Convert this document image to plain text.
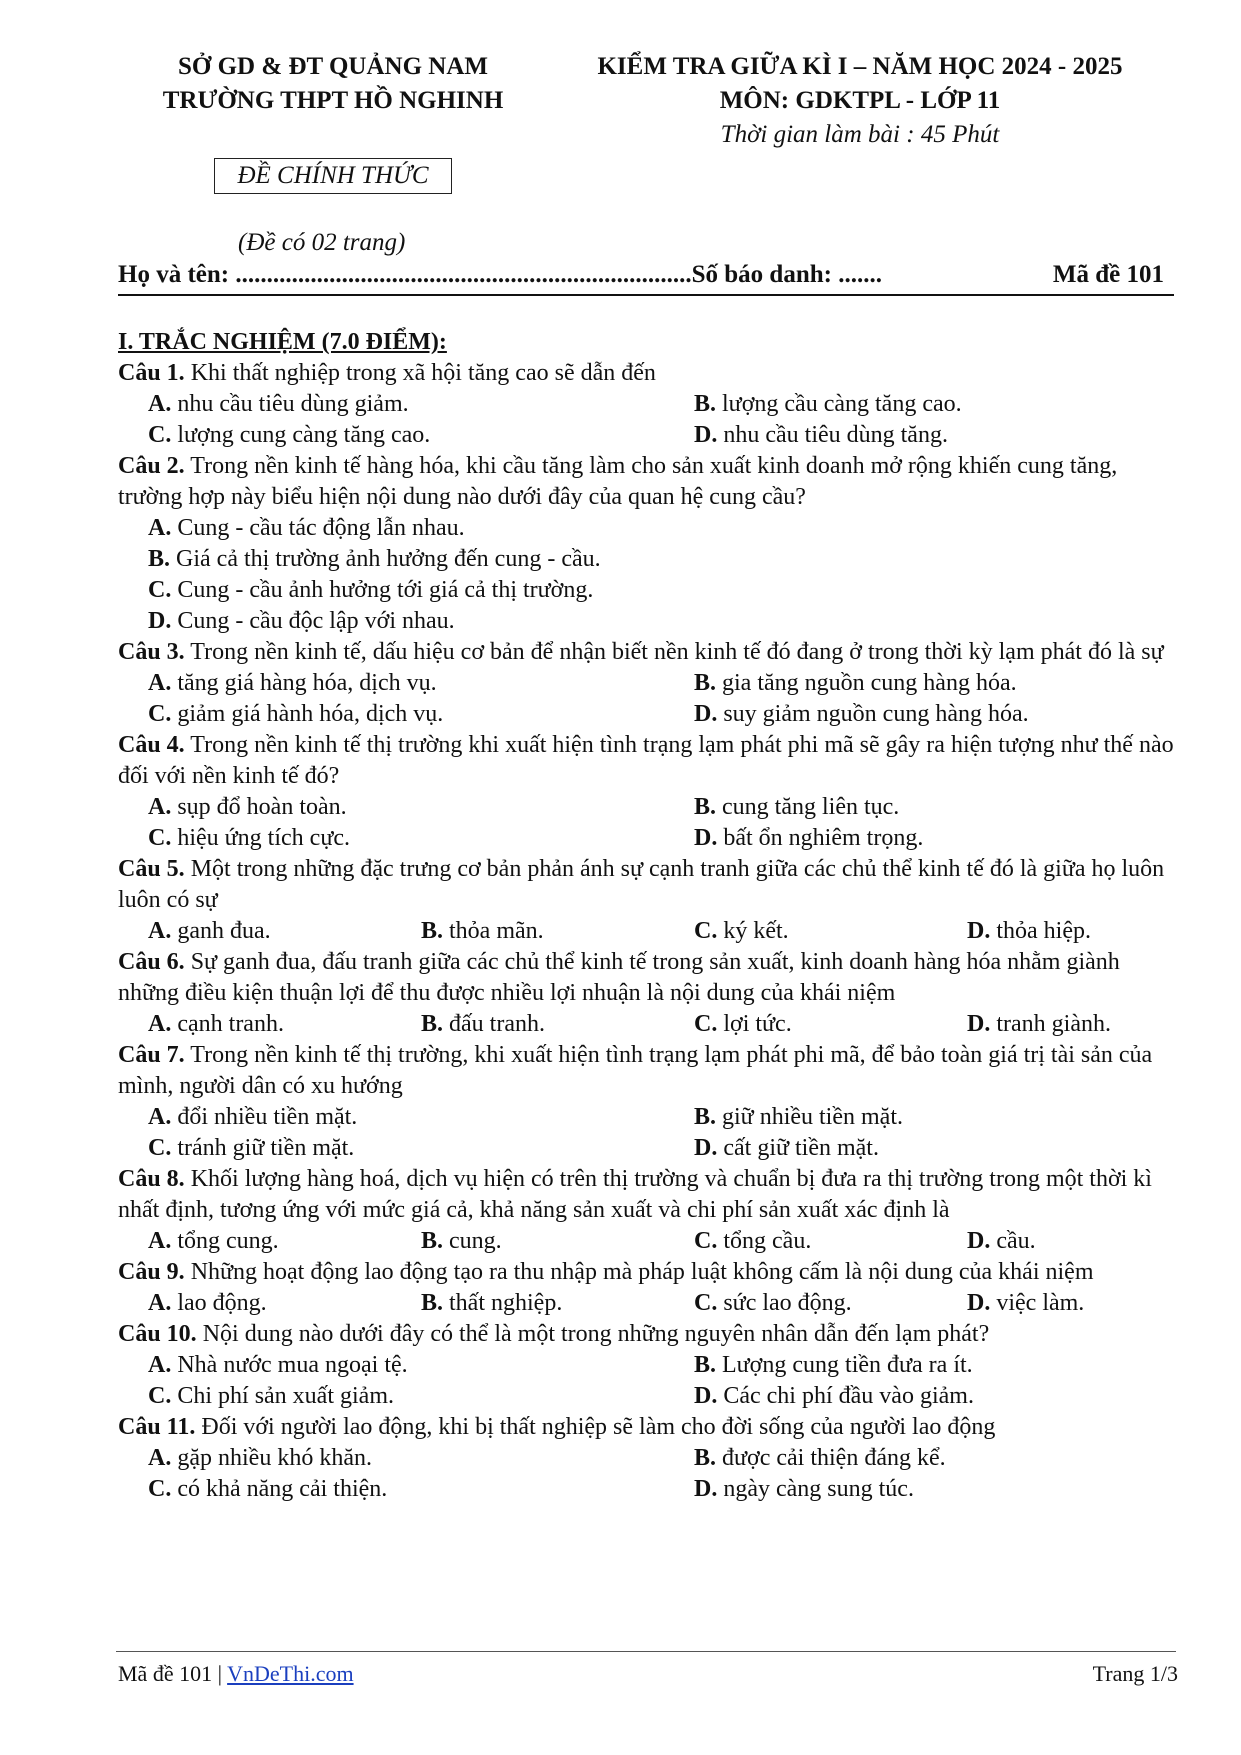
SỞ GD & ĐT QUẢNG NAM
TRƯỜNG THPT HỒ NGHINH
KIỂM TRA GIỮA KÌ I – NĂM HỌC 2024 - 2025
MÔN: GDKTPL - LỚP 11
Thời gian làm bài : 45 Phút
ĐỀ CHÍNH THỨC
(Đề có 02 trang)
Họ và tên: .........................................................................Số báo danh: .......	Mã đề 101
I. TRẮC NGHIỆM (7.0 ĐIỂM):
Câu 1. Khi thất nghiệp trong xã hội tăng cao sẽ dẫn đến
A. nhu cầu tiêu dùng giảm.	B. lượng cầu càng tăng cao.
C. lượng cung càng tăng cao.	D. nhu cầu tiêu dùng tăng.
Câu 2. Trong nền kinh tế hàng hóa, khi cầu tăng làm cho sản xuất kinh doanh mở rộng khiến cung tăng, trường hợp này biểu hiện nội dung nào dưới đây của quan hệ cung cầu?
A. Cung - cầu tác động lẫn nhau.
B. Giá cả thị trường ảnh hưởng đến cung - cầu.
C. Cung - cầu ảnh hưởng tới giá cả thị trường.
D. Cung - cầu độc lập với nhau.
Câu 3. Trong nền kinh tế, dấu hiệu cơ bản để nhận biết nền kinh tế đó đang ở trong thời kỳ lạm phát đó là sự
A. tăng giá hàng hóa, dịch vụ.	B. gia tăng nguồn cung hàng hóa.
C. giảm giá hành hóa, dịch vụ.	D. suy giảm nguồn cung hàng hóa.
Câu 4. Trong nền kinh tế thị trường khi xuất hiện tình trạng lạm phát phi mã sẽ gây ra hiện tượng như thế nào đối với nền kinh tế đó?
A. sụp đổ hoàn toàn.	B. cung tăng liên tục.
C. hiệu ứng tích cực.	D. bất ổn nghiêm trọng.
Câu 5. Một trong những đặc trưng cơ bản phản ánh sự cạnh tranh giữa các chủ thể kinh tế đó là giữa họ luôn luôn có sự
A. ganh đua.	B. thỏa mãn.	C. ký kết.	D. thỏa hiệp.
Câu 6. Sự ganh đua, đấu tranh giữa các chủ thể kinh tế trong sản xuất, kinh doanh hàng hóa nhằm giành những điều kiện thuận lợi để thu được nhiều lợi nhuận là nội dung của khái niệm
A. cạnh tranh.	B. đấu tranh.	C. lợi tức.	D. tranh giành.
Câu 7. Trong nền kinh tế thị trường, khi xuất hiện tình trạng lạm phát phi mã, để bảo toàn giá trị tài sản của mình, người dân có xu hướng
A. đổi nhiều tiền mặt.	B. giữ nhiều tiền mặt.
C. tránh giữ tiền mặt.	D. cất giữ tiền mặt.
Câu 8. Khối lượng hàng hoá, dịch vụ hiện có trên thị trường và chuẩn bị đưa ra thị trường trong một thời kì nhất định, tương ứng với mức giá cả, khả năng sản xuất và chi phí sản xuất xác định là
A. tổng cung.	B. cung.	C. tổng cầu.	D. cầu.
Câu 9. Những hoạt động lao động tạo ra thu nhập mà pháp luật không cấm là nội dung của khái niệm
A. lao động.	B. thất nghiệp.	C. sức lao động.	D. việc làm.
Câu 10. Nội dung nào dưới đây có thể là một trong những nguyên nhân dẫn đến lạm phát?
A. Nhà nước mua ngoại tệ.	B. Lượng cung tiền đưa ra ít.
C. Chi phí sản xuất giảm.	D. Các chi phí đầu vào giảm.
Câu 11. Đối với người lao động, khi bị thất nghiệp sẽ làm cho đời sống của người lao động
A. gặp nhiều khó khăn.	B. được cải thiện đáng kể.
C. có khả năng cải thiện.	D. ngày càng sung túc.
Mã đề 101 | VnDeThi.com	Trang 1/3
